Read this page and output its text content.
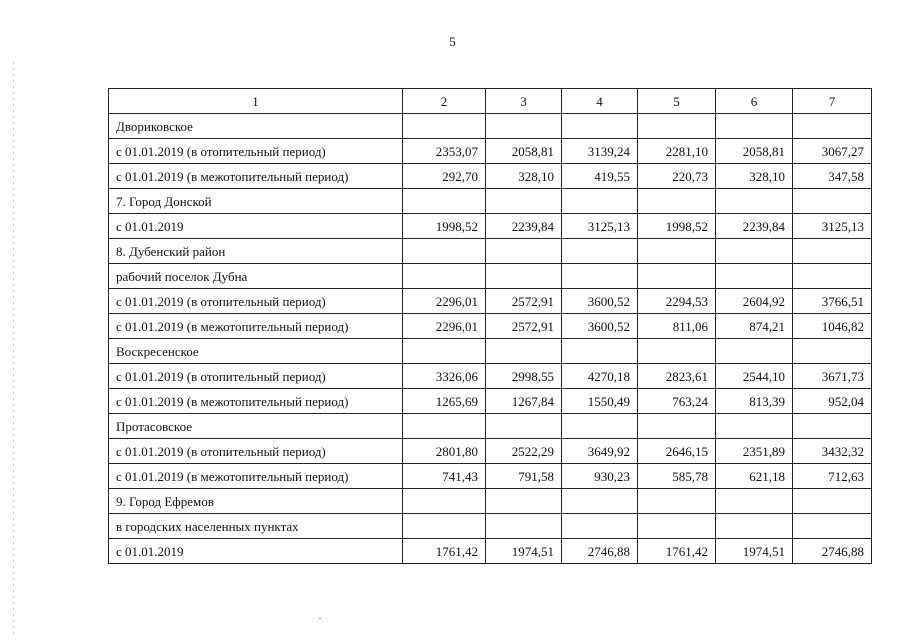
5
1	2	3	4	5	6	7
Двориковское						
с 01.01.2019 (в отопительный период)	2353,07	2058,81	3139,24	2281,10	2058,81	3067,27
с 01.01.2019 (в межотопительный период)	292,70	328,10	419,55	220,73	328,10	347,58
7. Город Донской						
с 01.01.2019	1998,52	2239,84	3125,13	1998,52	2239,84	3125,13
8. Дубенский район						
рабочий поселок Дубна						
с 01.01.2019 (в отопительный период)	2296,01	2572,91	3600,52	2294,53	2604,92	3766,51
с 01.01.2019 (в межотопительный период)	2296,01	2572,91	3600,52	811,06	874,21	1046,82
Воскресенское						
с 01.01.2019 (в отопительный период)	3326,06	2998,55	4270,18	2823,61	2544,10	3671,73
с 01.01.2019 (в межотопительный период)	1265,69	1267,84	1550,49	763,24	813,39	952,04
Протасовское						
с 01.01.2019 (в отопительный период)	2801,80	2522,29	3649,92	2646,15	2351,89	3432,32
с 01.01.2019 (в межотопительный период)	741,43	791,58	930,23	585,78	621,18	712,63
9. Город Ефремов						
в городских населенных пунктах						
с 01.01.2019	1761,42	1974,51	2746,88	1761,42	1974,51	2746,88
